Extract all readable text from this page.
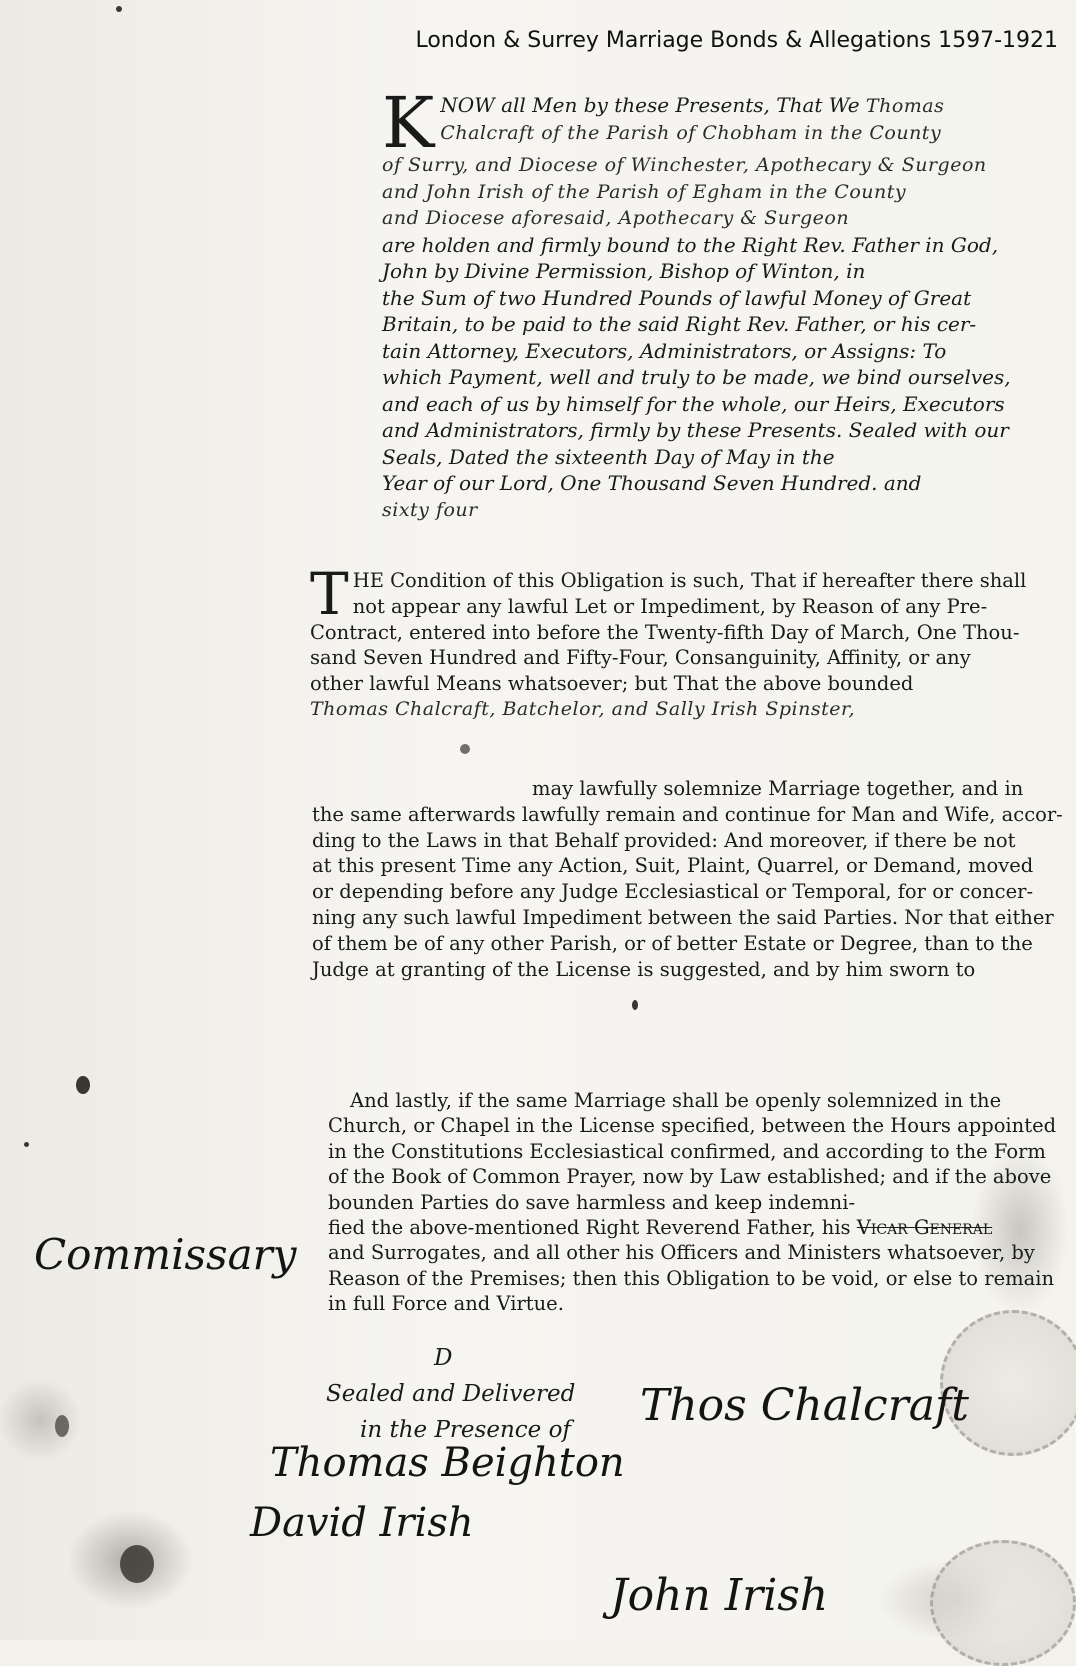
London & Surrey Marriage Bonds & Allegations 1597-1921
K NOW all Men by these Presents, That We Thomas
Chalcraft of the Parish of Chobham in the County
of Surry, and Diocese of Winchester, Apothecary & Surgeon
and John Irish of the Parish of Egham in the County
and Diocese aforesaid, Apothecary & Surgeon
are holden and firmly bound to the Right Rev. Father in God,
John by Divine Permission, Bishop of Winton, in
the Sum of two Hundred Pounds of lawful Money of Great
Britain, to be paid to the said Right Rev. Father, or his cer-
tain Attorney, Executors, Administrators, or Assigns: To
which Payment, well and truly to be made, we bind ourselves,
and each of us by himself for the whole, our Heirs, Executors
and Administrators, firmly by these Presents. Sealed with our
Seals, Dated the sixteenth Day of May in the
Year of our Lord, One Thousand Seven Hundred. and
sixty four
T HE Condition of this Obligation is such, That if hereafter there shall
not appear any lawful Let or Impediment, by Reason of any Pre-
Contract, entered into before the Twenty-fifth Day of March, One Thou-
sand Seven Hundred and Fifty-Four, Consanguinity, Affinity, or any
other lawful Means whatsoever; but That the above bounded
Thomas Chalcraft, Batchelor, and Sally Irish Spinster,
may lawfully solemnize Marriage together, and in
the same afterwards lawfully remain and continue for Man and Wife, accor-
ding to the Laws in that Behalf provided: And moreover, if there be not
at this present Time any Action, Suit, Plaint, Quarrel, or Demand, moved
or depending before any Judge Ecclesiastical or Temporal, for or concer-
ning any such lawful Impediment between the said Parties. Nor that either
of them be of any other Parish, or of better Estate or Degree, than to the
Judge at granting of the License is suggested, and by him sworn to
And lastly, if the same Marriage shall be openly solemnized in the
Church, or Chapel in the License specified, between the Hours appointed
in the Constitutions Ecclesiastical confirmed, and according to the Form
of the Book of Common Prayer, now by Law established; and if the above
bounden Parties do save harmless and keep indemni-
fied the above-mentioned Right Reverend Father, his Vicar General
and Surrogates, and all other his Officers and Ministers whatsoever, by
Reason of the Premises; then this Obligation to be void, or else to remain
in full Force and Virtue.
D
Sealed and Delivered
in the Presence of
Commissary
Thos Chalcraft
Thomas Beighton
David Irish
John Irish
